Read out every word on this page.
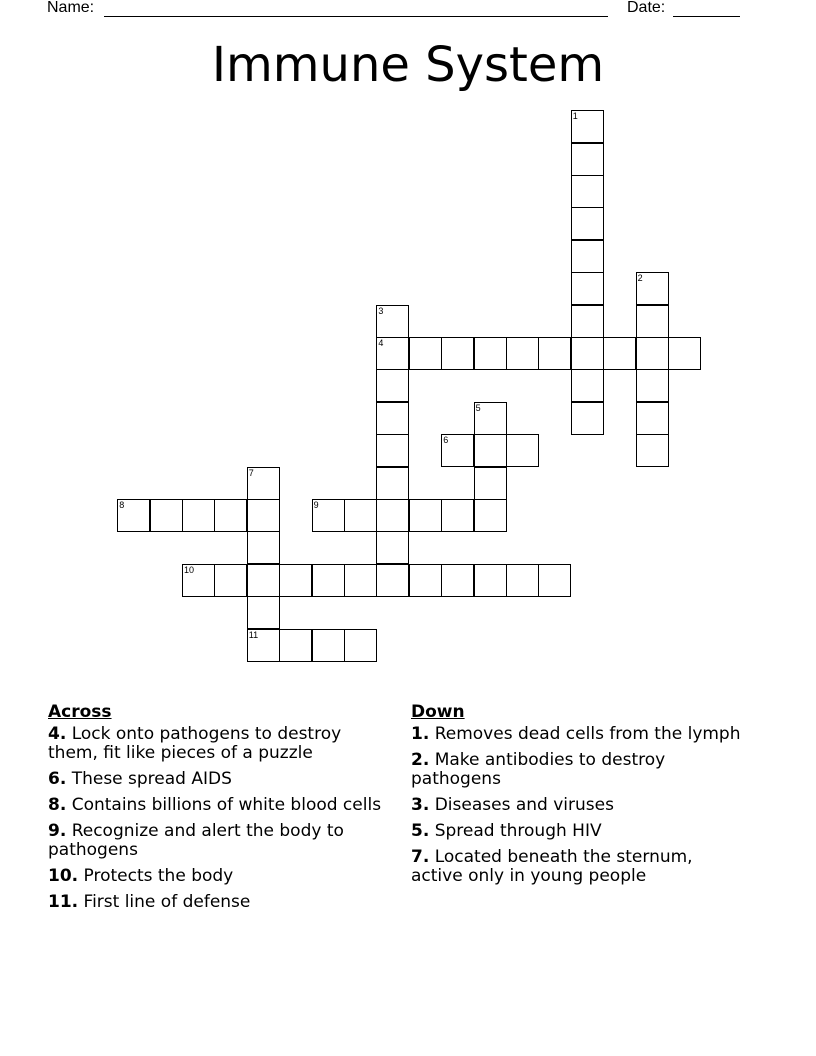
Name:	Date:
Immune System
1
2
3
4
5
6
7
11
8	9
10
Across
4. Lock onto pathogens to destroy them, fit like pieces of a puzzle
6. These spread AIDS
8. Contains billions of white blood cells
9. Recognize and alert the body to pathogens
10. Protects the body
11. First line of defense
Down
1. Removes dead cells from the lymph
2. Make antibodies to destroy pathogens
3. Diseases and viruses
5. Spread through HIV
7. Located beneath the sternum, active only in young people
